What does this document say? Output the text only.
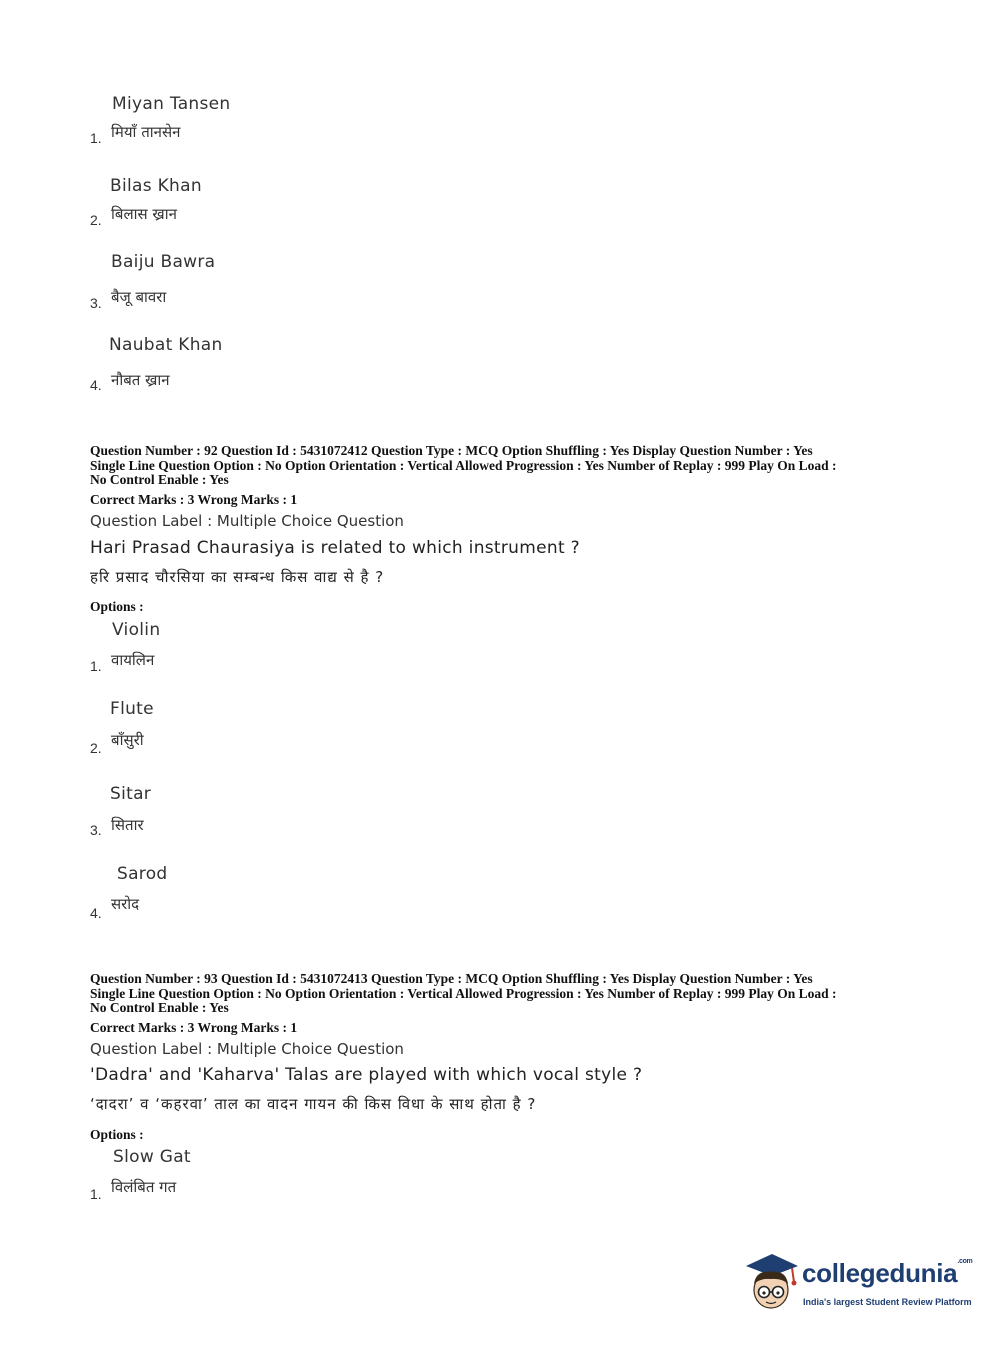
Miyan Tansen
1. मियाँ तानसेन
Bilas Khan
2. बिलास ख्रान
Baiju Bawra
3. बैजू बावरा
Naubat Khan
4. नौबत ख्रान
Question Number : 92 Question Id : 5431072412 Question Type : MCQ Option Shuffling : Yes Display Question Number : Yes
Single Line Question Option : No Option Orientation : Vertical Allowed Progression : Yes Number of Replay : 999 Play On Load :
No Control Enable : Yes
Correct Marks : 3 Wrong Marks : 1
Question Label : Multiple Choice Question
Hari Prasad Chaurasiya is related to which instrument ?
हरि प्रसाद चौरसिया का सम्बन्ध किस वाद्य से है ?
Options :
Violin
1. वायलिन
Flute
2. बाँसुरी
Sitar
3. सितार
Sarod
4. सरोद
Question Number : 93 Question Id : 5431072413 Question Type : MCQ Option Shuffling : Yes Display Question Number : Yes
Single Line Question Option : No Option Orientation : Vertical Allowed Progression : Yes Number of Replay : 999 Play On Load :
No Control Enable : Yes
Correct Marks : 3 Wrong Marks : 1
Question Label : Multiple Choice Question
'Dadra' and 'Kaharva' Talas are played with which vocal style ?
‘दादरा’ व ‘कहरवा’ ताल का वादन गायन की किस विधा के साथ होता है ?
Options :
Slow Gat
1. विलंबित गत
collegedunia$^{.com}$
India's largest Student Review Platform
